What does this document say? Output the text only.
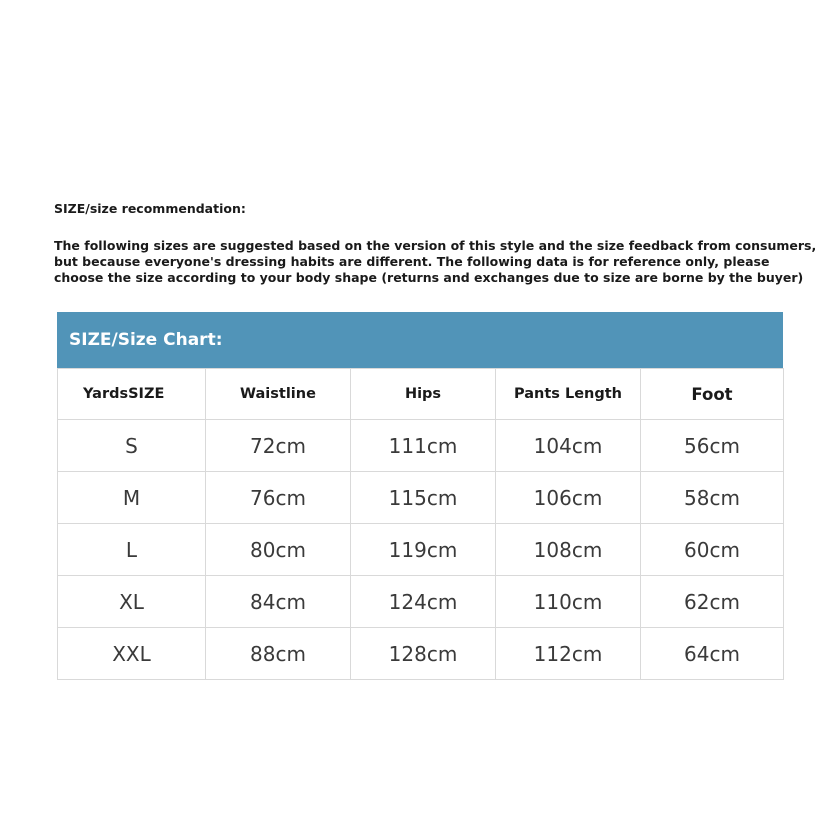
SIZE/size recommendation:
The following sizes are suggested based on the version of this style and the size feedback from consumers,
but because everyone's dressing habits are different. The following data is for reference only, please
choose the size according to your body shape (returns and exchanges due to size are borne by the buyer)
SIZE/Size Chart:
YardsSIZE	Waistline	Hips	Pants Length	Foot
S	72cm	111cm	104cm	56cm
M	76cm	115cm	106cm	58cm
L	80cm	119cm	108cm	60cm
XL	84cm	124cm	110cm	62cm
XXL	88cm	128cm	112cm	64cm
